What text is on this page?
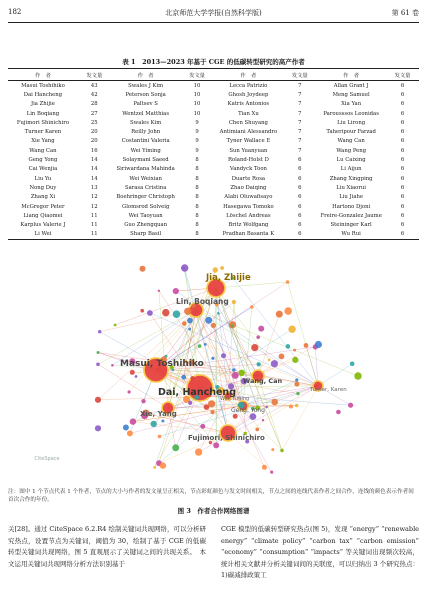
182	北京师范大学学报(自然科学版)	第 61 卷
表 1　2013—2023 年基于 CGE 的低碳转型研究的高产作者
作　者	发文量	作　者	发文量	作　者	发文量	作　者	发文量
Masui Toshihiko	43	Swales J Kim	10	Lecca Patrizio	7	Allan Grant J	6
Dai Hancheng	42	Peterson Sonja	10	Ghosh Joydeep	7	Meng Samuel	6
Jia Zhijie	28	Paltsev S	10	Katris Antonios	7	Xia Yan	6
Lin Boqiang	27	Wentzel Matthias	10	Tian Xu	7	Parousssos Leonidas	6
Fujimori Shinichiro	25	Swales Kim	9	Chen Shuyang	7	Liu Lirong	6
Turner Karen	20	Reilly John	9	Antimiani Alessandro	7	Taheripour Farzad	6
Xie Yang	20	Costantini Valeria	9	Tyner Wallace E	7	Wang Can	6
Wang Can	16	Wei Yiming	9	Sun Yuanyuan	7	Wang Peng	6
Geng Yong	14	Solaymani Saeed	8	Roland-Holst D	6	Lu Caixing	6
Cai Wenjia	14	Siriwardana Mahinda	8	Vandyck Toon	6	Li Aijun	6
Liu Yu	14	Wei Weixian	8	Duarte Rosa	6	Zhang Xingping	6
Nong Duy	13	Sarasa Cristina	8	Zhao Daiqing	6	Liu Xiaorui	6
Zhang Xi	12	Boehringer Christoph	8	Alabi Oluwafisayo	6	Liu Jiahe	6
McGregor Peter	12	Glomsrod Solveig	8	Hasegawa Tomoko	6	Hartono Djoni	6
Liang Qiaomei	11	Wei Taoyuan	8	Löschel Andreas	6	Freire-Gonzalez Jaume	6
Karplus Valerie J	11	Guo Zhengquan	8	Britz Wolfgang	6	Steininger Karl	6
Li Wei	11	Sharp Basil	8	Pradhan Basanta K	6	Wu Rui	6
Jia, Zhijie
Lin, Boqiang
Masui, Toshihiko
Dai, Hancheng
Wang, Can
Xie, Yang	Geng, Yong
Fujimori, Shinichiro
Turner, Karen
Wei, Yiming
CiteSpace
注：图中 1 个节点代表 1 个作者，节点的大小与作者的发文量呈正相关，节点彩虹颜色与发文时间相关，节点之间的连线代表作者之间合作，连线的颜色表示作者间首次合作的年份。
图 3　作者合作网络图谱
关[28]。通过 CiteSpace 6.2.R4 绘制关键词共现网络，可以分析研究热点，设置节点为关键词，阈值为 30，绘制了基于 CGE 的低碳转型关键词共现网络，图 5 直观展示了关键词之间的共现关系。　本文运用关键词共现网络分析方法识别基于
CGE 模型的低碳转型研究热点(图 5)，发现 “energy” “renewable energy” “climate policy” “carbon tax” “carbon emission” “economy” “consumption” “impacts” 等关键词出现频次较高，统计相关文献并分析关键词间的关联度，可以归纳出 3 个研究热点：1)碳减排政策工
